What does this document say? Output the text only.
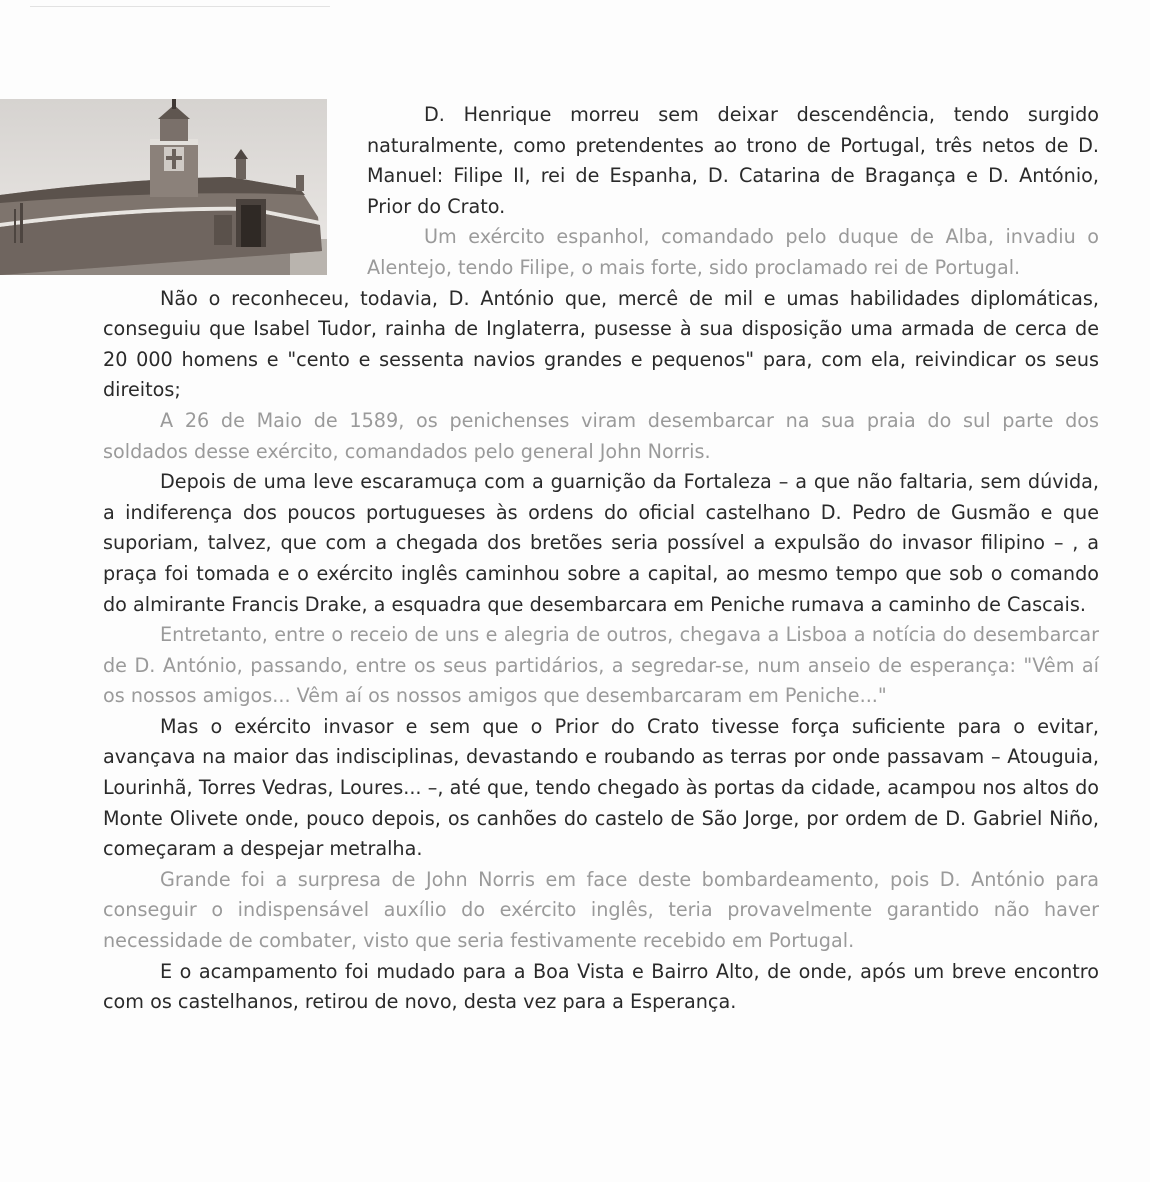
D. Henrique morreu sem deixar descendência, tendo surgido naturalmente, como pretendentes ao trono de Portugal, três netos de D. Manuel: Filipe II, rei de Espanha, D. Catarina de Bragança e D. António, Prior do Crato.

Um exército espanhol, comandado pelo duque de Alba, invadiu o Alentejo, tendo Filipe, o mais forte, sido proclamado rei de Portugal.

Não o reconheceu, todavia, D. António que, mercê de mil e umas habilidades diplomáticas, conseguiu que Isabel Tudor, rainha de Inglaterra, pusesse à sua disposição uma armada de cerca de 20 000 homens e "cento e sessenta navios grandes e pequenos" para, com ela, reivindicar os seus direitos;

A 26 de Maio de 1589, os penichenses viram desembarcar na sua praia do sul parte dos soldados desse exército, comandados pelo general John Norris.

Depois de uma leve escaramuça com a guarnição da Fortaleza – a que não faltaria, sem dúvida, a indiferença dos poucos portugueses às ordens do oficial castelhano D. Pedro de Gusmão e que suporiam, talvez, que com a chegada dos bretões seria possível a expulsão do invasor filipino – , a praça foi tomada e o exército inglês caminhou sobre a capital, ao mesmo tempo que sob o comando do almirante Francis Drake, a esquadra que desembarcara em Peniche rumava a caminho de Cascais.

Entretanto, entre o receio de uns e alegria de outros, chegava a Lisboa a notícia do desembarcar de D. António, passando, entre os seus partidários, a segredar-se, num anseio de esperança: "Vêm aí os nossos amigos... Vêm aí os nossos amigos que desembarcaram em Peniche..."

Mas o exército invasor e sem que o Prior do Crato tivesse força suficiente para o evitar, avançava na maior das indisciplinas, devastando e roubando as terras por onde passavam – Atouguia, Lourinhã, Torres Vedras, Loures... –, até que, tendo chegado às portas da cidade, acampou nos altos do Monte Olivete onde, pouco depois, os canhões do castelo de São Jorge, por ordem de D. Gabriel Niño, começaram a despejar metralha.

Grande foi a surpresa de John Norris em face deste bombardeamento, pois D. António para conseguir o indispensável auxílio do exército inglês, teria provavelmente garantido não haver necessidade de combater, visto que seria festivamente recebido em Portugal.

E o acampamento foi mudado para a Boa Vista e Bairro Alto, de onde, após um breve encontro com os castelhanos, retirou de novo, desta vez para a Esperança.
